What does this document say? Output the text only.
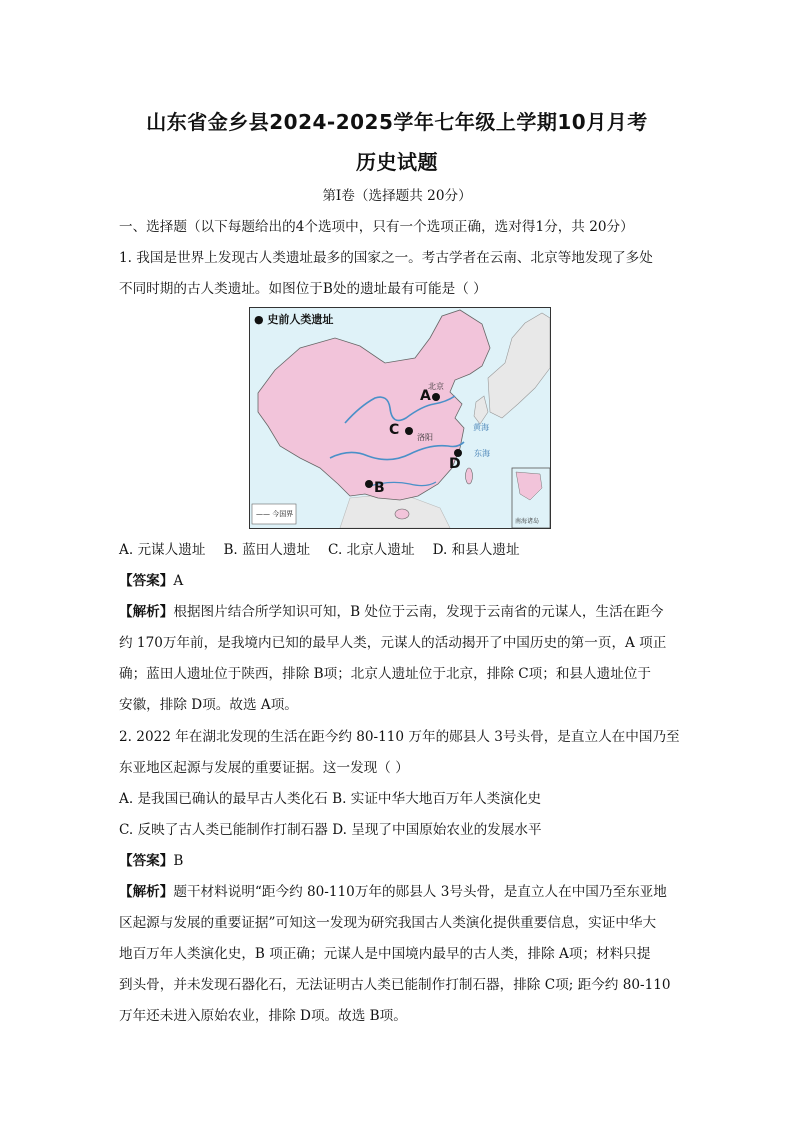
山东省金乡县2024-2025学年七年级上学期10月月考
历史试题
第Ⅰ卷（选择题共 20分）
一、选择题（以下每题给出的4个选项中，只有一个选项正确，选对得1分，共 20分）
1. 我国是世界上发现古人类遗址最多的国家之一。考古学者在云南、北京等地发现了多处
不同时期的古人类遗址。如图位于B处的遗址最有可能是（ ）
● 史前人类遗址
—— 今国界
北京
洛阳
黄海
东海
南海诸岛
A
B
C
D
A. 元谋人遗址 B. 蓝田人遗址 C. 北京人遗址 D. 和县人遗址
【答案】A
【解析】根据图片结合所学知识可知，B 处位于云南，发现于云南省的元谋人，生活在距今
约 170万年前，是我境内已知的最早人类，元谋人的活动揭开了中国历史的第一页，A 项正
确；蓝田人遗址位于陕西，排除 B项；北京人遗址位于北京，排除 C项；和县人遗址位于
安徽，排除 D项。故选 A项。
2. 2022 年在湖北发现的生活在距今约 80-110 万年的郧县人 3号头骨，是直立人在中国乃至
东亚地区起源与发展的重要证据。这一发现（ ）
A. 是我国已确认的最早古人类化石 B. 实证中华大地百万年人类演化史
C. 反映了古人类已能制作打制石器 D. 呈现了中国原始农业的发展水平
【答案】B
【解析】题干材料说明“距今约 80-110万年的郧县人 3号头骨，是直立人在中国乃至东亚地
区起源与发展的重要证据”可知这一发现为研究我国古人类演化提供重要信息，实证中华大
地百万年人类演化史，B 项正确；元谋人是中国境内最早的古人类，排除 A项；材料只提
到头骨，并未发现石器化石，无法证明古人类已能制作打制石器，排除 C项; 距今约 80-110
万年还未进入原始农业，排除 D项。故选 B项。
